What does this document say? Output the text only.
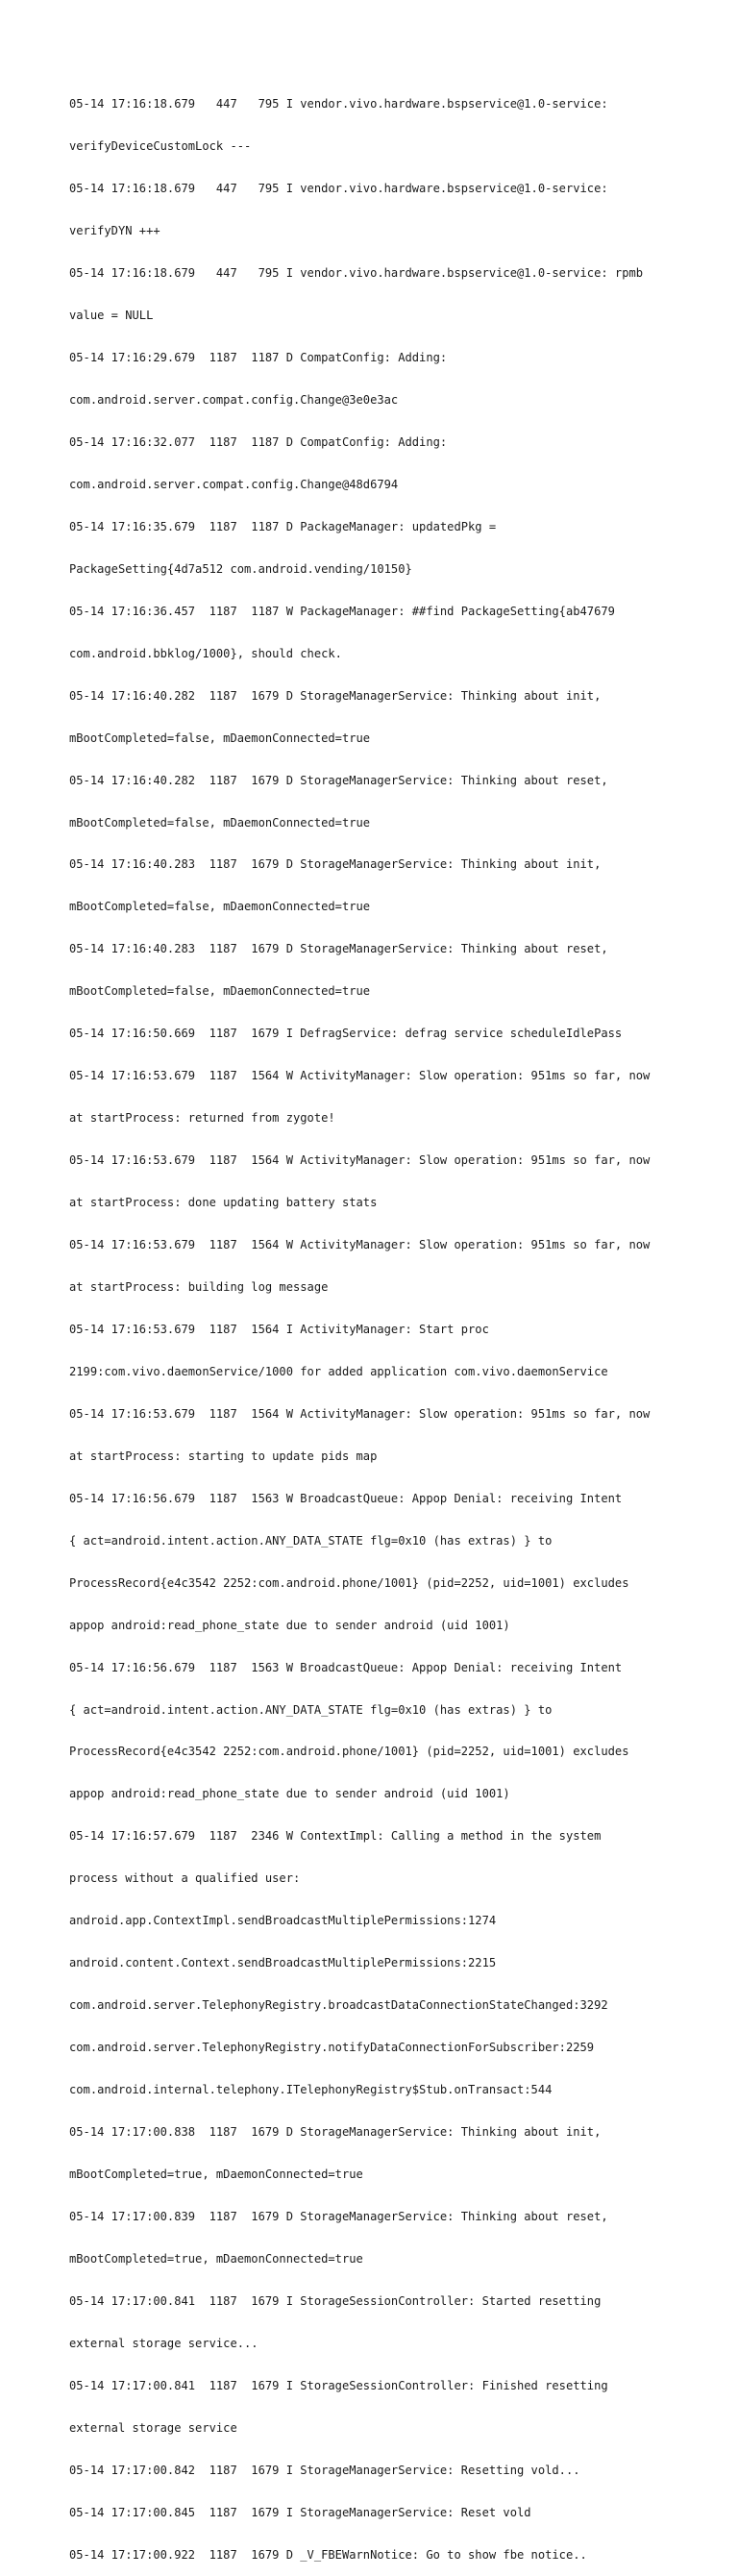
05-14 17:16:18.679   447   795 I vendor.vivo.hardware.bspservice@1.0-service:

verifyDeviceCustomLock ---

05-14 17:16:18.679   447   795 I vendor.vivo.hardware.bspservice@1.0-service:

verifyDYN +++

05-14 17:16:18.679   447   795 I vendor.vivo.hardware.bspservice@1.0-service: rpmb

value = NULL

05-14 17:16:29.679  1187  1187 D CompatConfig: Adding:

com.android.server.compat.config.Change@3e0e3ac

05-14 17:16:32.077  1187  1187 D CompatConfig: Adding:

com.android.server.compat.config.Change@48d6794

05-14 17:16:35.679  1187  1187 D PackageManager: updatedPkg =

PackageSetting{4d7a512 com.android.vending/10150}

05-14 17:16:36.457  1187  1187 W PackageManager: ##find PackageSetting{ab47679

com.android.bbklog/1000}, should check.

05-14 17:16:40.282  1187  1679 D StorageManagerService: Thinking about init,

mBootCompleted=false, mDaemonConnected=true

05-14 17:16:40.282  1187  1679 D StorageManagerService: Thinking about reset,

mBootCompleted=false, mDaemonConnected=true

05-14 17:16:40.283  1187  1679 D StorageManagerService: Thinking about init,

mBootCompleted=false, mDaemonConnected=true

05-14 17:16:40.283  1187  1679 D StorageManagerService: Thinking about reset,

mBootCompleted=false, mDaemonConnected=true

05-14 17:16:50.669  1187  1679 I DefragService: defrag service scheduleIdlePass

05-14 17:16:53.679  1187  1564 W ActivityManager: Slow operation: 951ms so far, now

at startProcess: returned from zygote!

05-14 17:16:53.679  1187  1564 W ActivityManager: Slow operation: 951ms so far, now

at startProcess: done updating battery stats

05-14 17:16:53.679  1187  1564 W ActivityManager: Slow operation: 951ms so far, now

at startProcess: building log message

05-14 17:16:53.679  1187  1564 I ActivityManager: Start proc

2199:com.vivo.daemonService/1000 for added application com.vivo.daemonService

05-14 17:16:53.679  1187  1564 W ActivityManager: Slow operation: 951ms so far, now

at startProcess: starting to update pids map

05-14 17:16:56.679  1187  1563 W BroadcastQueue: Appop Denial: receiving Intent

{ act=android.intent.action.ANY_DATA_STATE flg=0x10 (has extras) } to

ProcessRecord{e4c3542 2252:com.android.phone/1001} (pid=2252, uid=1001) excludes

appop android:read_phone_state due to sender android (uid 1001)

05-14 17:16:56.679  1187  1563 W BroadcastQueue: Appop Denial: receiving Intent

{ act=android.intent.action.ANY_DATA_STATE flg=0x10 (has extras) } to

ProcessRecord{e4c3542 2252:com.android.phone/1001} (pid=2252, uid=1001) excludes

appop android:read_phone_state due to sender android (uid 1001)

05-14 17:16:57.679  1187  2346 W ContextImpl: Calling a method in the system

process without a qualified user:

android.app.ContextImpl.sendBroadcastMultiplePermissions:1274

android.content.Context.sendBroadcastMultiplePermissions:2215

com.android.server.TelephonyRegistry.broadcastDataConnectionStateChanged:3292

com.android.server.TelephonyRegistry.notifyDataConnectionForSubscriber:2259

com.android.internal.telephony.ITelephonyRegistry$Stub.onTransact:544

05-14 17:17:00.838  1187  1679 D StorageManagerService: Thinking about init,

mBootCompleted=true, mDaemonConnected=true

05-14 17:17:00.839  1187  1679 D StorageManagerService: Thinking about reset,

mBootCompleted=true, mDaemonConnected=true

05-14 17:17:00.841  1187  1679 I StorageSessionController: Started resetting

external storage service...

05-14 17:17:00.841  1187  1679 I StorageSessionController: Finished resetting

external storage service

05-14 17:17:00.842  1187  1679 I StorageManagerService: Resetting vold...

05-14 17:17:00.845  1187  1679 I StorageManagerService: Reset vold

05-14 17:17:00.922  1187  1679 D _V_FBEWarnNotice: Go to show fbe notice..
